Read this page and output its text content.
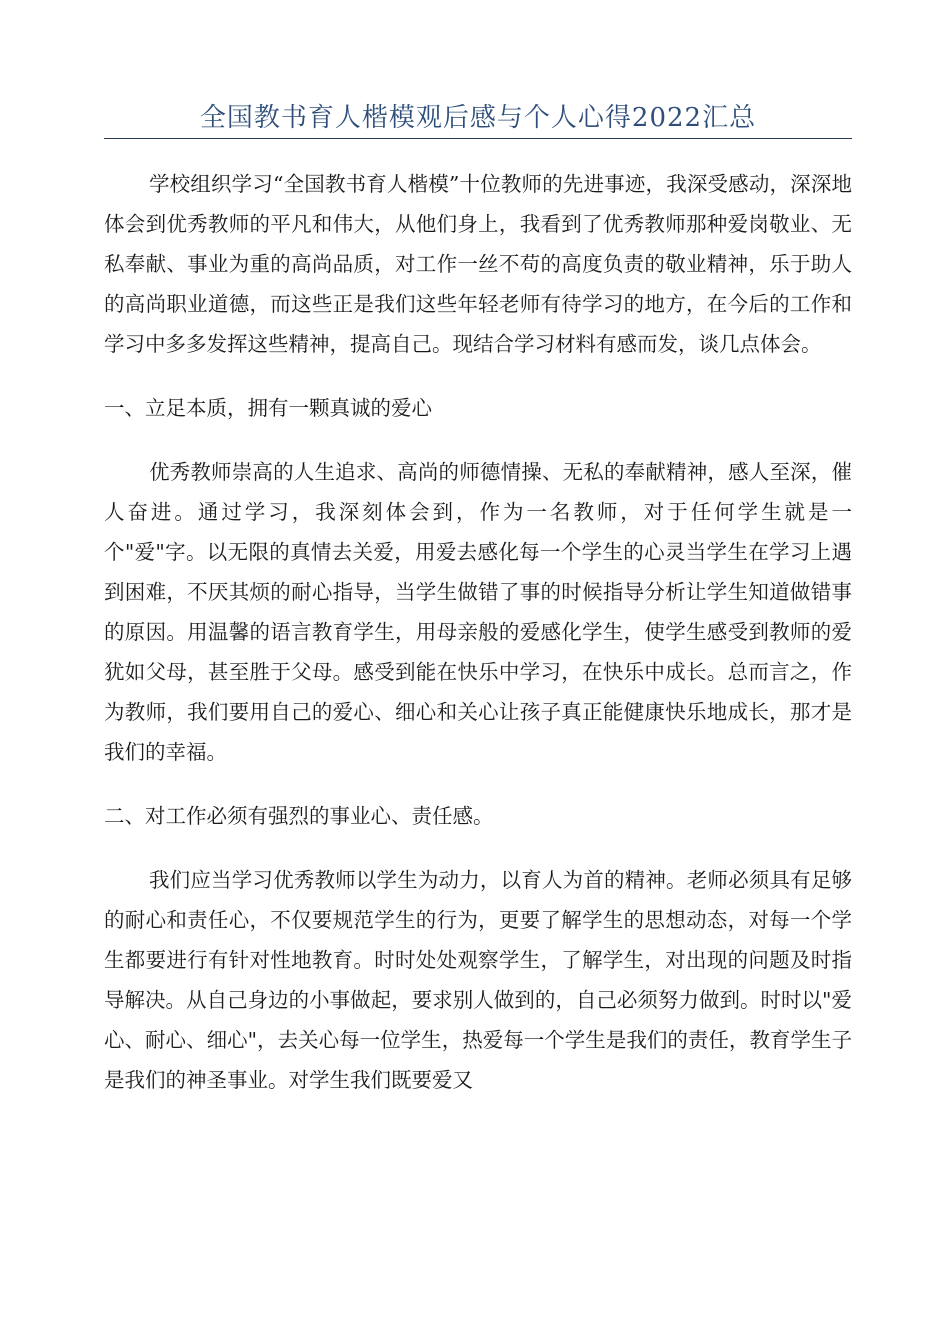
全国教书育人楷模观后感与个人心得2022汇总

学校组织学习“全国教书育人楷模”十位教师的先进事迹，我深受感动，深深地体会到优秀教师的平凡和伟大，从他们身上，我看到了优秀教师那种爱岗敬业、无私奉献、事业为重的高尚品质，对工作一丝不苟的高度负责的敬业精神，乐于助人的高尚职业道德，而这些正是我们这些年轻老师有待学习的地方，在今后的工作和学习中多多发挥这些精神，提高自己。现结合学习材料有感而发，谈几点体会。

一、立足本质，拥有一颗真诚的爱心

优秀教师崇高的人生追求、高尚的师德情操、无私的奉献精神，感人至深，催人奋进。通过学习，我深刻体会到，作为一名教师，对于任何学生就是一个"爱"字。以无限的真情去关爱，用爱去感化每一个学生的心灵当学生在学习上遇到困难，不厌其烦的耐心指导，当学生做错了事的时候指导分析让学生知道做错事的原因。用温馨的语言教育学生，用母亲般的爱感化学生，使学生感受到教师的爱犹如父母，甚至胜于父母。感受到能在快乐中学习，在快乐中成长。总而言之，作为教师，我们要用自己的爱心、细心和关心让孩子真正能健康快乐地成长，那才是我们的幸福。

二、对工作必须有强烈的事业心、责任感。

我们应当学习优秀教师以学生为动力，以育人为首的精神。老师必须具有足够的耐心和责任心，不仅要规范学生的行为，更要了解学生的思想动态，对每一个学生都要进行有针对性地教育。时时处处观察学生，了解学生，对出现的问题及时指导解决。从自己身边的小事做起，要求别人做到的，自己必须努力做到。时时以"爱心、耐心、细心"，去关心每一位学生，热爱每一个学生是我们的责任，教育学生子是我们的神圣事业。对学生我们既要爱又
